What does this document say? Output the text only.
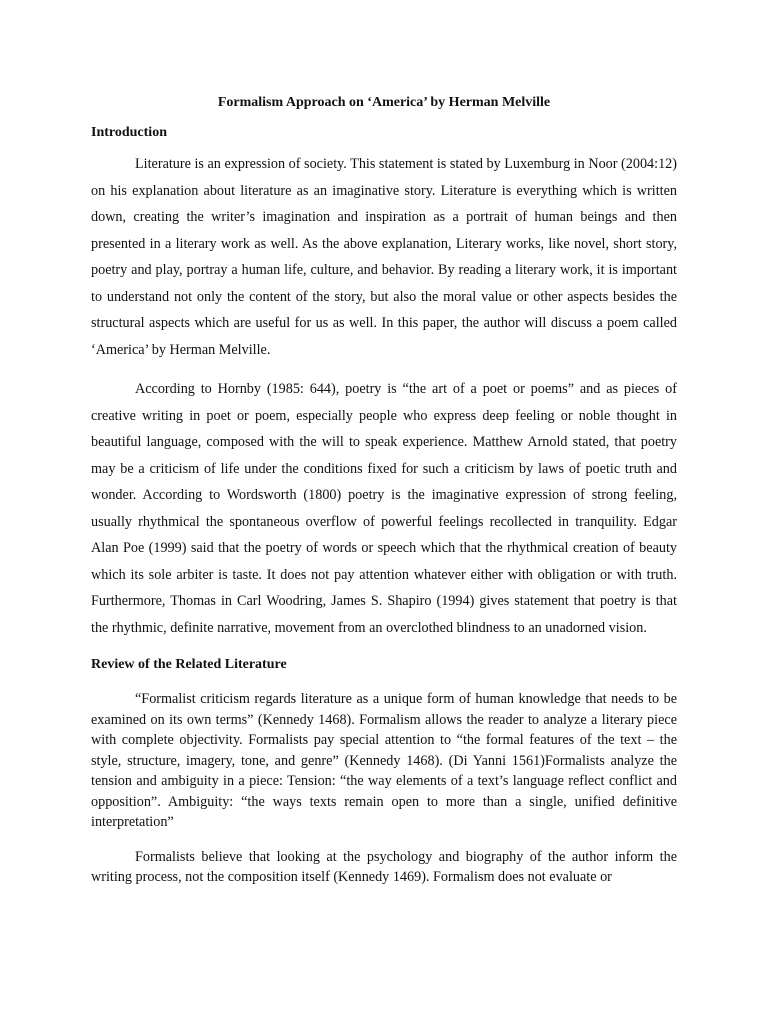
Formalism Approach on ‘America’ by Herman Melville
Introduction

Literature is an expression of society. This statement is stated by Luxemburg in Noor (2004:12) on his explanation about literature as an imaginative story. Literature is everything which is written down, creating the writer’s imagination and inspiration as a portrait of human beings and then presented in a literary work as well. As the above explanation, Literary works, like novel, short story, poetry and play, portray a human life, culture, and behavior. By reading a literary work, it is important to understand not only the content of the story, but also the moral value or other aspects besides the structural aspects which are useful for us as well. In this paper, the author will discuss a poem called ‘America’ by Herman Melville.

According to Hornby (1985: 644), poetry is “the art of a poet or poems” and as pieces of creative writing in poet or poem, especially people who express deep feeling or noble thought in beautiful language, composed with the will to speak experience. Matthew Arnold stated, that poetry may be a criticism of life under the conditions fixed for such a criticism by laws of poetic truth and wonder. According to Wordsworth (1800) poetry is the imaginative expression of strong feeling, usually rhythmical the spontaneous overflow of powerful feelings recollected in tranquility. Edgar Alan Poe (1999) said that the poetry of words or speech which that the rhythmical creation of beauty which its sole arbiter is taste. It does not pay attention whatever either with obligation or with truth. Furthermore, Thomas in Carl Woodring, James S. Shapiro (1994) gives statement that poetry is that the rhythmic, definite narrative, movement from an overclothed blindness to an unadorned vision.

Review of the Related Literature

“Formalist criticism regards literature as a unique form of human knowledge that needs to be examined on its own terms” (Kennedy 1468). Formalism allows the reader to analyze a literary piece with complete objectivity. Formalists pay special attention to “the formal features of the text – the style, structure, imagery, tone, and genre” (Kennedy 1468). (Di Yanni 1561)Formalists analyze the tension and ambiguity in a piece: Tension: “the way elements of a text’s language reflect conflict and opposition”. Ambiguity: “the ways texts remain open to more than a single, unified definitive interpretation”

Formalists believe that looking at the psychology and biography of the author inform the writing process, not the composition itself (Kennedy 1469). Formalism does not evaluate or
